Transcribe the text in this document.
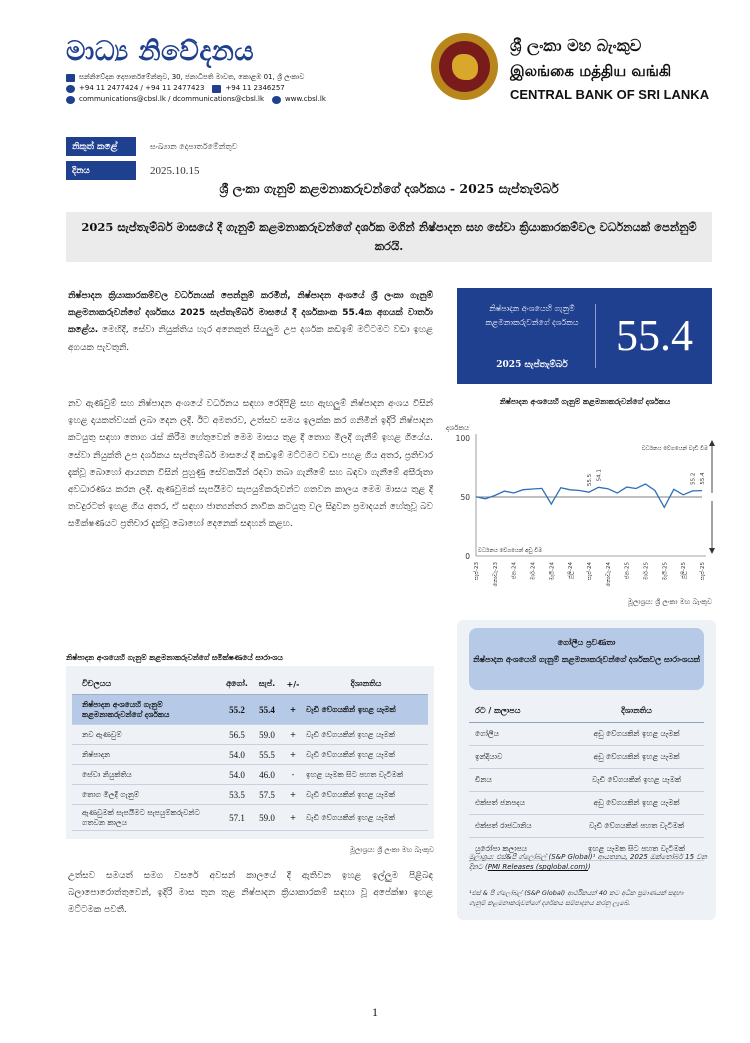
මාධ්‍ය නිවේදනය
සන්නිවේදන දෙපාර්තමේන්තුව, 30, ජනාධිපති මාවත, කොළඹ 01, ශ්‍රී ලංකාව
+94 11 2477424 / +94 11 2477423	+94 11 2346257
communications@cbsl.lk / dcommunications@cbsl.lk	www.cbsl.lk
ශ්‍රී ලංකා මහ බැංකුව
இலங்கை மத்திய வங்கி
CENTRAL BANK OF SRI LANKA
නිකුත් කළේ	සංඛ්‍යාන දෙපාර්තමේන්තුව
දිනය	2025.10.15
ශ්‍රී ලංකා ගැනුම් කළමනාකරුවන්ගේ දර්ශකය - 2025 සැප්තැම්බර්
2025 සැප්තැම්බර් මාසයේ දී ගැනුම් කළමනාකරුවන්ගේ දර්ශක මගින් නිෂ්පාදන සහ සේවා ක්‍රියාකාරකම්වල වර්ධනයක් පෙන්නුම් කරයි.
නිෂ්පාදන ක්‍රියාකාරකම්වල වර්ධනයක් පෙන්නුම් කරමින්, නිෂ්පාදන අංශයේ ශ්‍රී ලංකා ගැනුම් කළමනාකරුවන්ගේ දර්ශකය 2025 සැප්තැම්බර් මාසයේ දී දර්ශකාංක 55.4ක අගයක් වාර්තා කළේය. මෙහිදී, සේවා නියුක්තිය හැර අනෙකුත් සියලුම උප දර්ශක කඩඉම් මට්ටමට වඩා ඉහළ අගයක පැවතුනි.
නව ඇණවුම් සහ නිෂ්පාදන අංශයේ වර්ධනය සඳහා රෙදිපිළි සහ ඇඟලුම් නිෂ්පාදන අංශය විසින් ඉහළ දායකත්වයක් ලබා දෙන ලදී. ඊට අමතරව, උත්සව සමය ඉලක්ක කර ගනිමින් ඉදිරි නිෂ්පාදන කටයුතු සඳහා තොග රැස් කිරීම හේතුවෙන් මෙම මාසය තුළ දී තොග මිලදී ගැනීම් ඉහළ ගියේය. සේවා නියුක්ති උප දර්ශකය සැප්තැම්බර් මාසයේ දී කඩඉම් මට්ටමට වඩා පහළ ගිය අතර, ප්‍රතිචාර දැක්වූ බොහෝ ආයතන විසින් පුහුණු සේවකයින් රඳවා තබා ගැනීමේ සහ බඳවා ගැනීමේ අසීරුතා අවධාරණය කරන ලදී. ඇණවුමක් සැපයීමට සැපයුම්කරුවන්ට ගතවන කාලය මෙම මාසය තුළ දී තවදුරටත් ඉහළ ගිය අතර, ඒ සඳහා ජාත්‍යන්තර නාවික කටයුතු වල සිදුවන ප්‍රමාදයන් හේතුවූ බව සමීක්ෂණයට ප්‍රතිචාර දැක්වූ බොහෝ දෙනෙක් සඳහන් කළහ.
උත්සව සමයත් සමග වසරේ අවසන් කාලයේ දී ඇතිවන ඉහළ ඉල්ලුම පිළිබඳ බලාපොරොත්තුවෙන්, ඉදිරි මාස තුන තුළ නිෂ්පාදන ක්‍රියාකාරකම් සඳහා වූ අපේක්ෂා ඉහළ මට්ටමක පවතී.
නිෂ්පාදන අංශයෙහි ගැනුම් කළමනාකරුවන්ගේ දර්ශකය
2025 සැප්තැම්බර්
55.4
නිෂ්පාදන අංශයෙහි ගැනුම් කළමනාකරුවන්ගේ දර්ශකය
දර්ශකය
0
50
100
වර්ධනය වේගයෙන් වැඩි වීම
වර්ධනය වේගයෙන් අඩු වීම
55.5 54.1	55.2 55.4
සැප්-23 නොවැ-23 ජන-24 මාර්-24 මැයි-24 ජූලි-24 සැප්-24 නොවැ-24 ජන-25 මාර්-25 මැයි-25 ජූලි-25 සැප්-25
මූලාශ්‍රය: ශ්‍රී ලංකා මහ බැංකුව
නිෂ්පාදන අංශයෙහි ගැනුම් කළමනාකරුවන්ගේ සමීක්ෂණයේ සාරාංශය
විචලයය	අගෝ.	සැප්.	+/-	දිශානතිය
නිෂ්පාදන අංශයෙහි ගැනුම් කළමනාකරුවන්ගේ දර්ශකය	55.2	55.4	+	වැඩි වේගයකින් ඉහළ යෑමක්
නව ඇණවුම්	56.5	59.0	+	වැඩි වේගයකින් ඉහළ යෑමක්
නිෂ්පාදන	54.0	55.5	+	වැඩි වේගයකින් ඉහළ යෑමක්
සේවා නියුක්තිය	54.0	46.0	-	ඉහළ යෑමක සිට පහත වැටීමක්
තොග මිලදී ගැනුම්	53.5	57.5	+	වැඩි වේගයකින් ඉහළ යෑමක්
ඇණවුමක් සැපයීමට සැපයුම්කරුවන්ට ගතවන කාලය	57.1	59.0	+	වැඩි වේගයකින් ඉහළ යෑමක්
මූලාශ්‍රය: ශ්‍රී ලංකා මහ බැංකුව
ගෝලීය ප්‍රවණතා
නිෂ්පාදන අංශයෙහි ගැනුම් කළමනාකරුවන්ගේ දර්ශකවල සාරාංශයක්
රට / කලාපය	දිශානතිය
ගෝලීය	අඩු වේගයකින් ඉහළ යෑමක්
ඉන්දියාව	අඩු වේගයකින් ඉහළ යෑමක්
චීනය	වැඩි වේගයකින් ඉහළ යෑමක්
එක්සත් ජනපදය	අඩු වේගයකින් ඉහළ යෑමක්
එක්සත් රාජධානිය	වැඩි වේගයකින් පහත වැටීමක්
යුරෝපා කලාපය	ඉහළ යෑමක සිට පහත වැටීමක්
මූලාශ්‍රය: එස්&පී ග්ලෝබල් (S&P Global)¹ ආයතනය, 2025 ඔක්තෝබර් 15 වන දිනට (PMI Releases (spglobal.com))
¹එස් & පී ග්ලෝබල් (S&P Global) ආර්ථිකයන් 40 කට අධික ප්‍රමාණයක් සඳහා ගැනුම් කළමනාකරුවන්ගේ දර්ශකය සම්පාදනය කරනු ලැබේ.
1
